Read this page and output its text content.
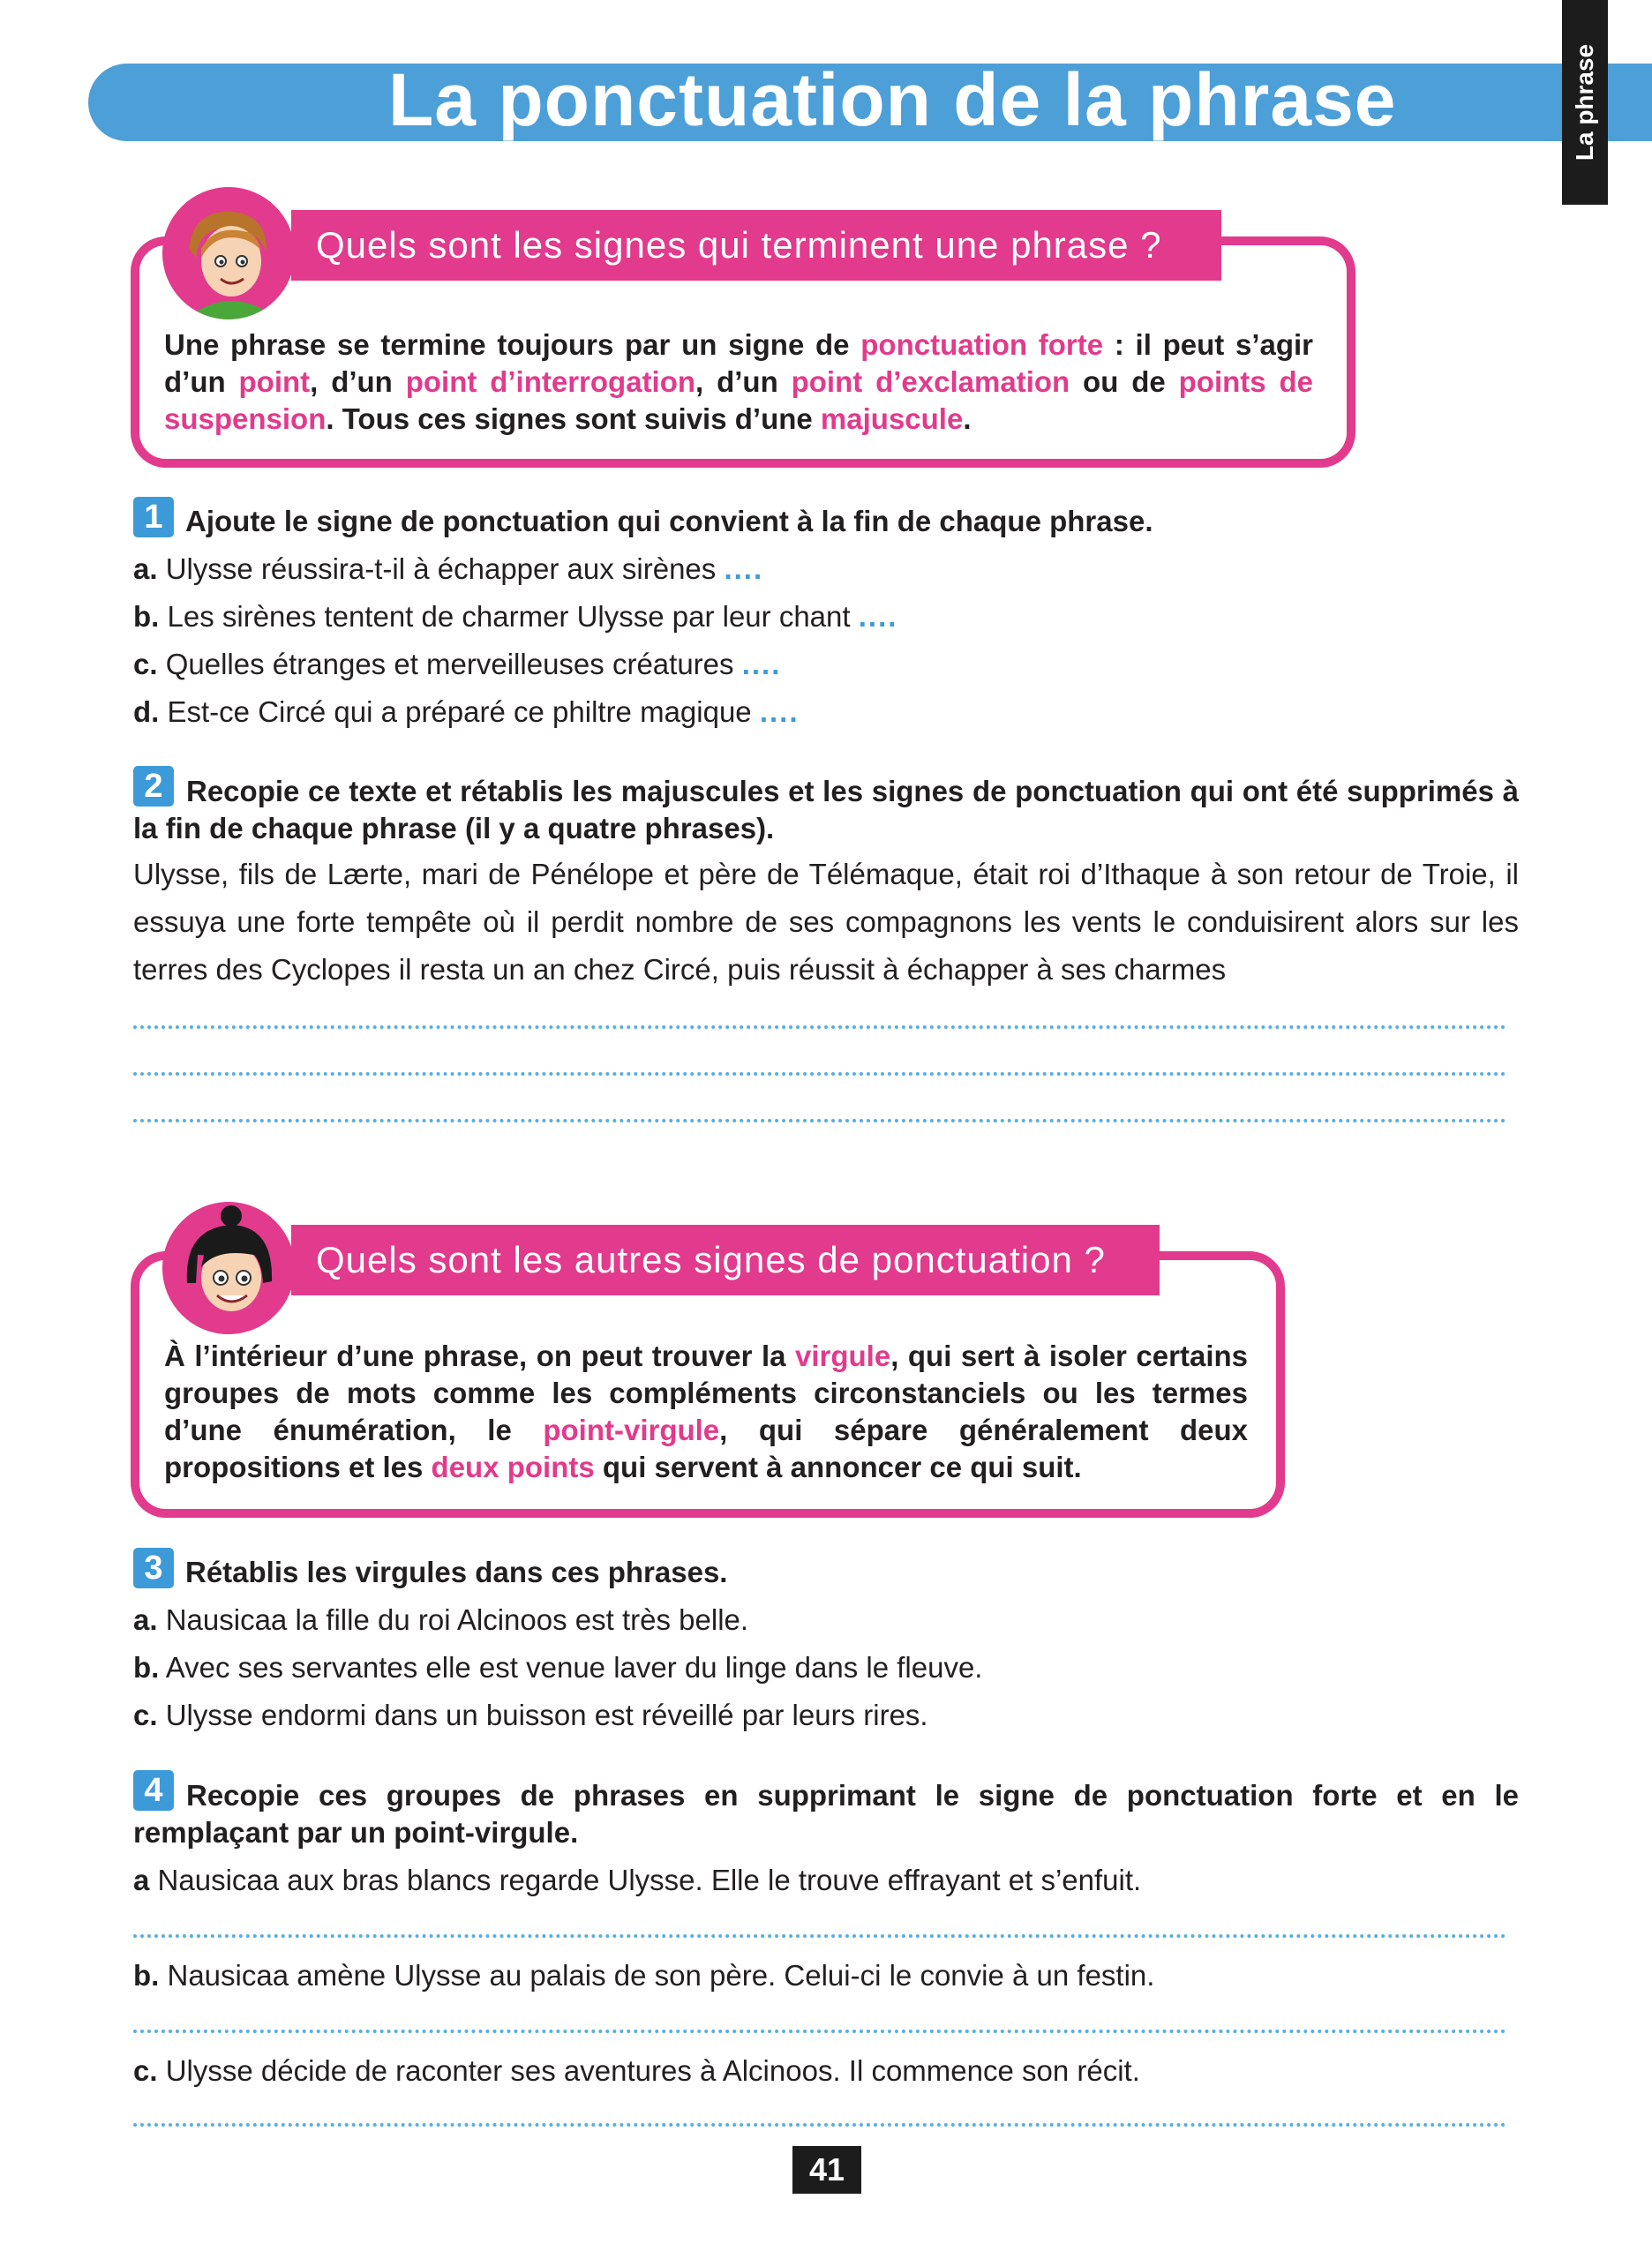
La ponctuation de la phrase	La phrase
Quels sont les signes qui terminent une phrase ?
Une phrase se termine toujours par un signe de ponctuation forte : il peut s’agir d’un point, d’un point d’interrogation, d’un point d’exclamation ou de points de suspension. Tous ces signes sont suivis d’une majuscule.
1 Ajoute le signe de ponctuation qui convient à la fin de chaque phrase.
a. Ulysse réussira-t-il à échapper aux sirènes ....
b. Les sirènes tentent de charmer Ulysse par leur chant ....
c. Quelles étranges et merveilleuses créatures ....
d. Est-ce Circé qui a préparé ce philtre magique ....
2 Recopie ce texte et rétablis les majuscules et les signes de ponctuation qui ont été supprimés à la fin de chaque phrase (il y a quatre phrases).
Ulysse, fils de Lærte, mari de Pénélope et père de Télémaque, était roi d’Ithaque à son retour de Troie, il essuya une forte tempête où il perdit nombre de ses compagnons les vents le conduisirent alors sur les terres des Cyclopes il resta un an chez Circé, puis réussit à échapper à ses charmes
Quels sont les autres signes de ponctuation ?
À l’intérieur d’une phrase, on peut trouver la virgule, qui sert à isoler certains groupes de mots comme les compléments circonstanciels ou les termes d’une énumération, le point-virgule, qui sépare généralement deux propositions et les deux points qui servent à annoncer ce qui suit.
3 Rétablis les virgules dans ces phrases.
a. Nausicaa la fille du roi Alcinoos est très belle.
b. Avec ses servantes elle est venue laver du linge dans le fleuve.
c. Ulysse endormi dans un buisson est réveillé par leurs rires.
4 Recopie ces groupes de phrases en supprimant le signe de ponctuation forte et en le remplaçant par un point-virgule.
a Nausicaa aux bras blancs regarde Ulysse. Elle le trouve effrayant et s’enfuit.
b. Nausicaa amène Ulysse au palais de son père. Celui-ci le convie à un festin.
c. Ulysse décide de raconter ses aventures à Alcinoos. Il commence son récit.
41
